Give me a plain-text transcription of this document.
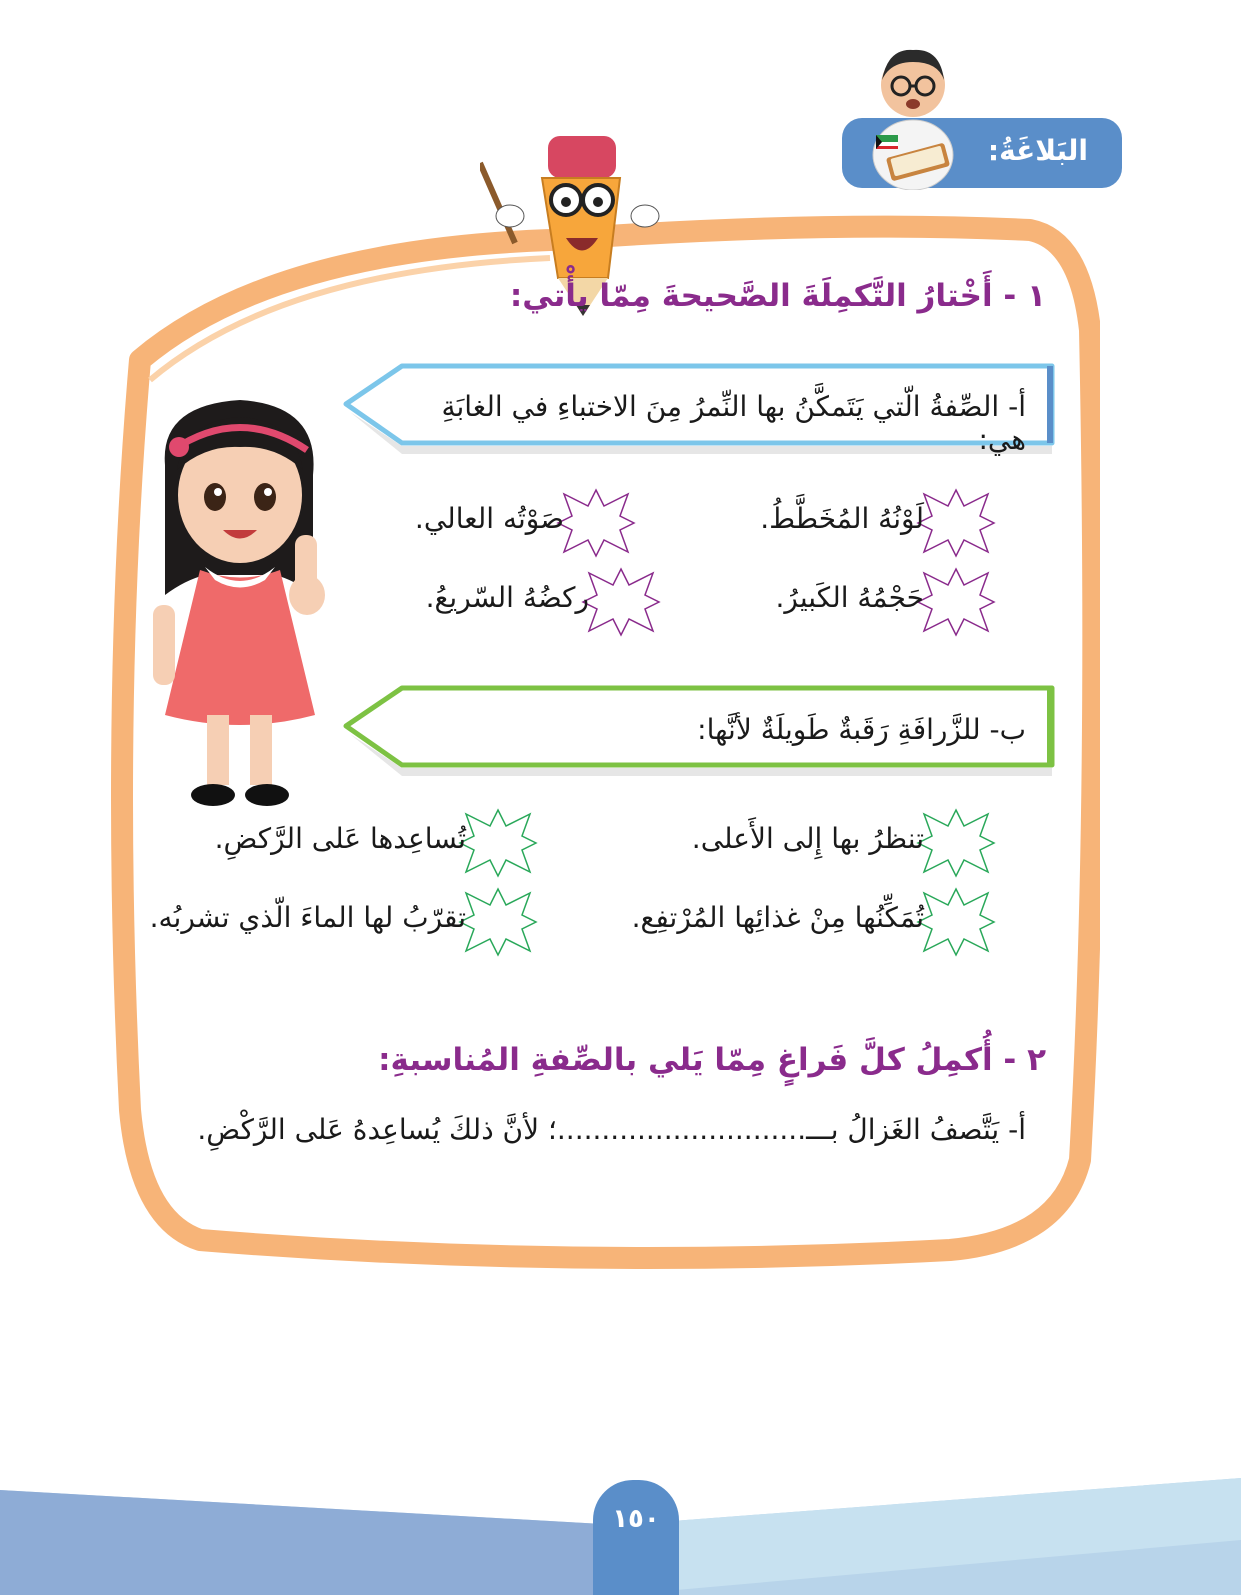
البَلاغَةُ:
١ - أَخْتارُ التَّكمِلَةَ الصَّحيحةَ مِمّا يأْتي:
أ- الصِّفةُ الّتي يَتَمكَّنُ بها النِّمرُ مِنَ الاختباءِ في الغابَةِ هي:
لَوْنُهُ المُخَطَّطُ.
صَوْتُه العالي.
حَجْمُهُ الكَبيرُ.
ركضُهُ السّريعُ.
ب- للزَّرافَةِ رَقَبةٌ طَويلَةٌ لأنَّها:
تنظرُ بها إِلى الأَعلى.
تُساعِدها عَلى الرَّكضِ.
تُمَكِّنُها مِنْ غذائِها المُرْتفِع.
تقرّبُ لها الماءَ الّذي تشربُه.
٢ - أُكمِلُ كلَّ فَراغٍ مِمّا يَلي بالصِّفةِ المُناسبةِ:
أ- يَتَّصفُ الغَزالُ بـــ............................؛ لأنَّ ذلكَ يُساعِدهُ عَلى الرَّكْضِ.
١٥٠
